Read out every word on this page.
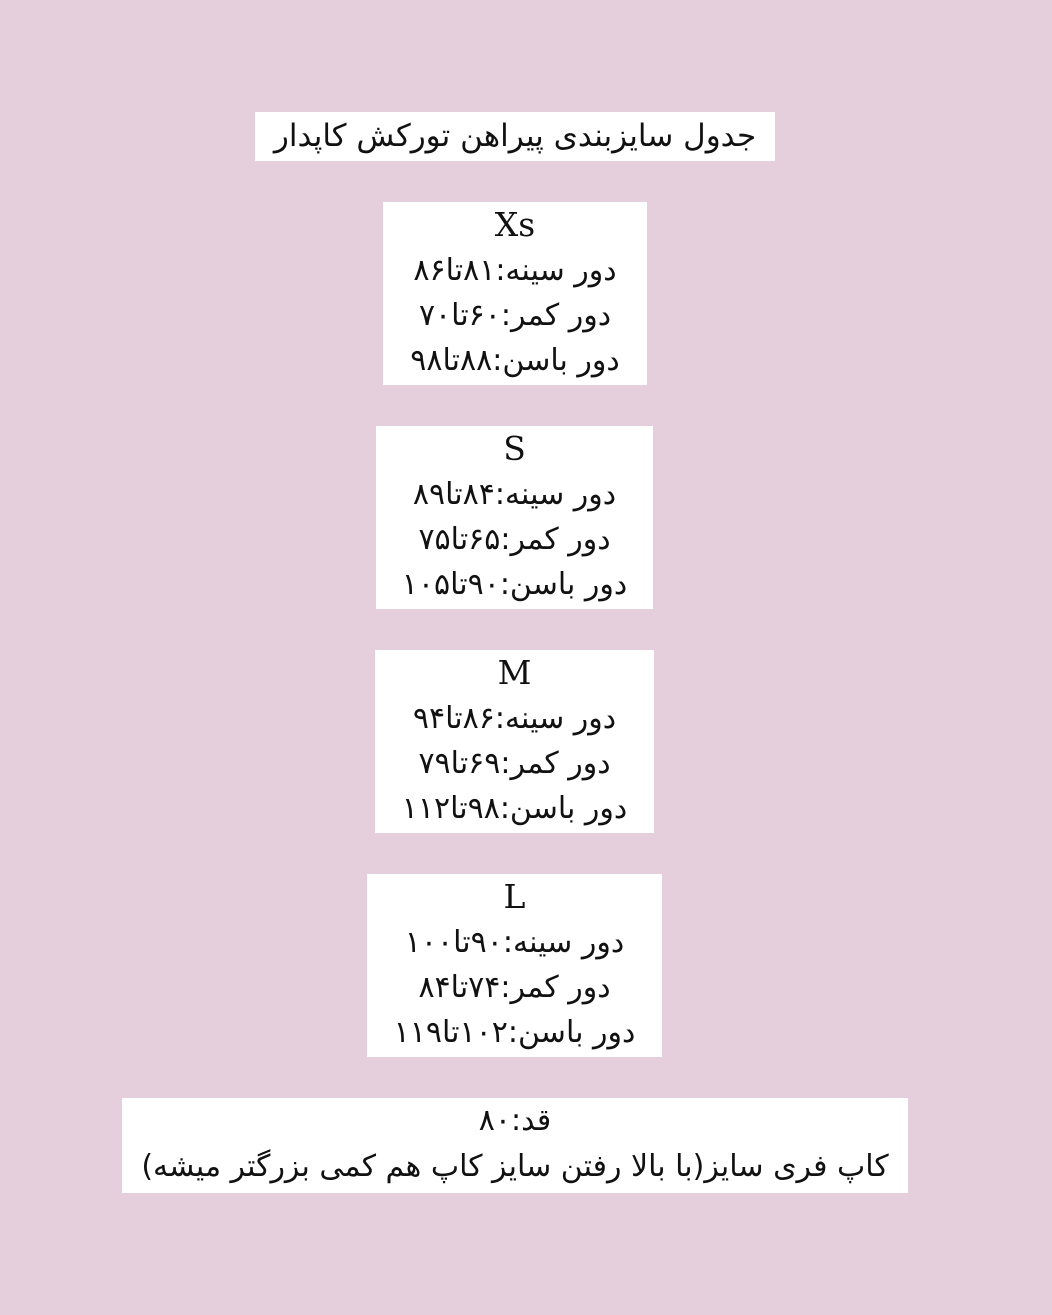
جدول سایزبندی پیراهن تورکش کاپدار
Xs
دور سینه:۸۱تا۸۶
دور کمر:۶۰تا۷۰
دور باسن:۸۸تا۹۸
S
دور سینه:۸۴تا۸۹
دور کمر:۶۵تا۷۵
دور باسن:۹۰تا۱۰۵
M
دور سینه:۸۶تا۹۴
دور کمر:۶۹تا۷۹
دور باسن:۹۸تا۱۱۲
L
دور سینه:۹۰تا۱۰۰
دور کمر:۷۴تا۸۴
دور باسن:۱۰۲تا۱۱۹
قد:۸۰
کاپ فری سایز(با بالا رفتن سایز کاپ هم کمی بزرگتر میشه)
